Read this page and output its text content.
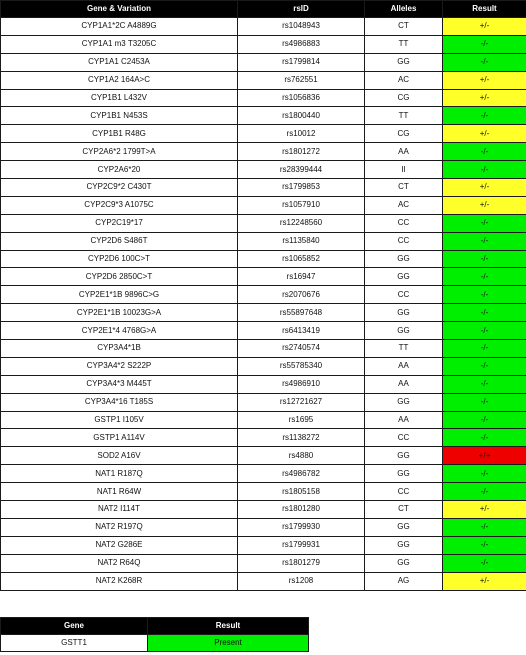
Gene & Variation	rsID	Alleles	Result
CYP1A1*2C A4889G	rs1048943	CT	+/-
CYP1A1 m3 T3205C	rs4986883	TT	-/-
CYP1A1 C2453A	rs1799814	GG	-/-
CYP1A2 164A>C	rs762551	AC	+/-
CYP1B1 L432V	rs1056836	CG	+/-
CYP1B1 N453S	rs1800440	TT	-/-
CYP1B1 R48G	rs10012	CG	+/-
CYP2A6*2 1799T>A	rs1801272	AA	-/-
CYP2A6*20	rs28399444	II	-/-
CYP2C9*2 C430T	rs1799853	CT	+/-
CYP2C9*3 A1075C	rs1057910	AC	+/-
CYP2C19*17	rs12248560	CC	-/-
CYP2D6 S486T	rs1135840	CC	-/-
CYP2D6 100C>T	rs1065852	GG	-/-
CYP2D6 2850C>T	rs16947	GG	-/-
CYP2E1*1B 9896C>G	rs2070676	CC	-/-
CYP2E1*1B 10023G>A	rs55897648	GG	-/-
CYP2E1*4 4768G>A	rs6413419	GG	-/-
CYP3A4*1B	rs2740574	TT	-/-
CYP3A4*2 S222P	rs55785340	AA	-/-
CYP3A4*3 M445T	rs4986910	AA	-/-
CYP3A4*16 T185S	rs12721627	GG	-/-
GSTP1 I105V	rs1695	AA	-/-
GSTP1 A114V	rs1138272	CC	-/-
SOD2 A16V	rs4880	GG	+/+
NAT1 R187Q	rs4986782	GG	-/-
NAT1 R64W	rs1805158	CC	-/-
NAT2 I114T	rs1801280	CT	+/-
NAT2 R197Q	rs1799930	GG	-/-
NAT2 G286E	rs1799931	GG	-/-
NAT2 R64Q	rs1801279	GG	-/-
NAT2 K268R	rs1208	AG	+/-
Gene	Result
GSTT1	Present
